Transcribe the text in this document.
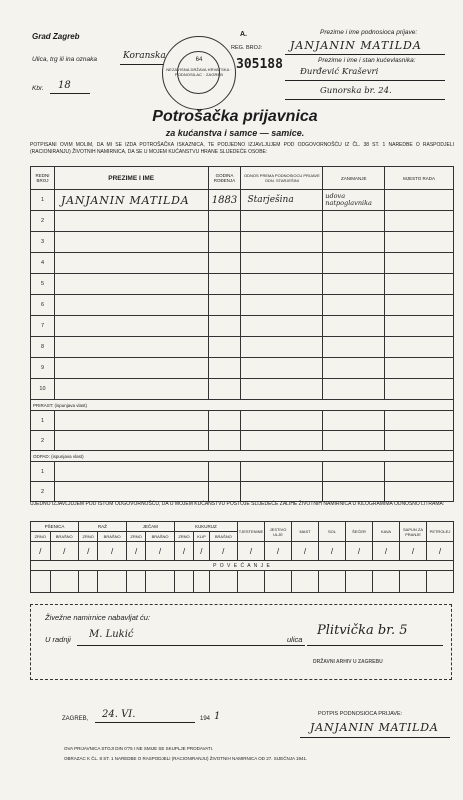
Grad Zagreb
Ulica, trg ili ina oznaka	Koranska
Kbr. 18
NEZAVISNA DRŽAVA HRVATSKA · PODNOSILAC · ZAGREB
64
A.
REG. BROJ:
305188
Prezime i ime podnosioca prijave:
JANJANIN MATILDA
Prezime i ime i stan kućevlasnika:
Đurđević Kraševri
Gunorska br. 24.
Potrošačka prijavnica
za kućanstva i samce — samice.
POTPISANI OVIM MOLIM, DA MI SE IZDA POTROŠAČKA ISKAZNICA, TE PODJEDNO IZJAVLJUJEM POD ODGOVORNOŠĆU IZ ČL. 38 ST. 1 NAREDBE O RASPODJELI (RACIONIRANJU) ŽIVOTNIH NAMIRNICA, DA SE U MOJEM KUĆANSTVU HRANE SLIJEDEĆE OSOBE:
REDNI BROJ	PREZIME I IME	GODINA ROĐENJA	ODNOS PREMA PODNOSIOCU PRIJAVE ODN. STARJEŠINI	ZANIMANJE	MJESTO RADA
1	JANJANIN MATILDA	1883	Starješina	udova natpoglavnika	
2					
3					
4					
5					
6					
7					
8					
9					
10					
PRIRAST: (ispunjava vlast)					
1					
2					
ODPAD: (ispunjava vlast)					
1					
2					
UJEDNO IZJAVLJUJEM POD ISTOM ODGOVORNOŠĆU, DA U MOJEM KUĆANSTVU POSTOJE SLIJEDEĆE ZALIHE ŽIVOTNIH NAMIRNICA U KILOGRAMIMA ODNOSNO LITRAMA:
PŠENICA		RAŽ		JEČAM		KUKURUZ			TJESTENINE	JESTIVO ULJE	MAST	SOL	ŠEĆER	KAVA	SAPUN ZA PRANJE	PETROLEJ
ZRNO	BRAŠNO	ZRNO	BRAŠNO	ZRNO	BRAŠNO	ZRNO	KLIP	BRAŠNO								
/	/	/	/	/	/	/	/	/	/	/	/	/	/	/	/	/
P O V E Ć A N J E																

Živežne namirnice nabavljat ću:
U radnji M. Lukić	ulica
Plitvička br. 5
DRŽAVNI ARHIV U ZAGREBU
ZAGREB, 24. VI.	194 1	POTPIS PODNOSIOCA PRIJAVE:
JANJANIN MATILDA
OVA PRIJAVNICA STOJI DIN 0'75 I NE SMIJE SE SKUPLJE PRODAVATI.
OBRAZAC K ČL. 8 ST. 1 NAREDBE O RASPODJELI (RACIONIRANJU) ŽIVOTNIH NAMIRNICA OD 27. SIJEČNJA 1941.
